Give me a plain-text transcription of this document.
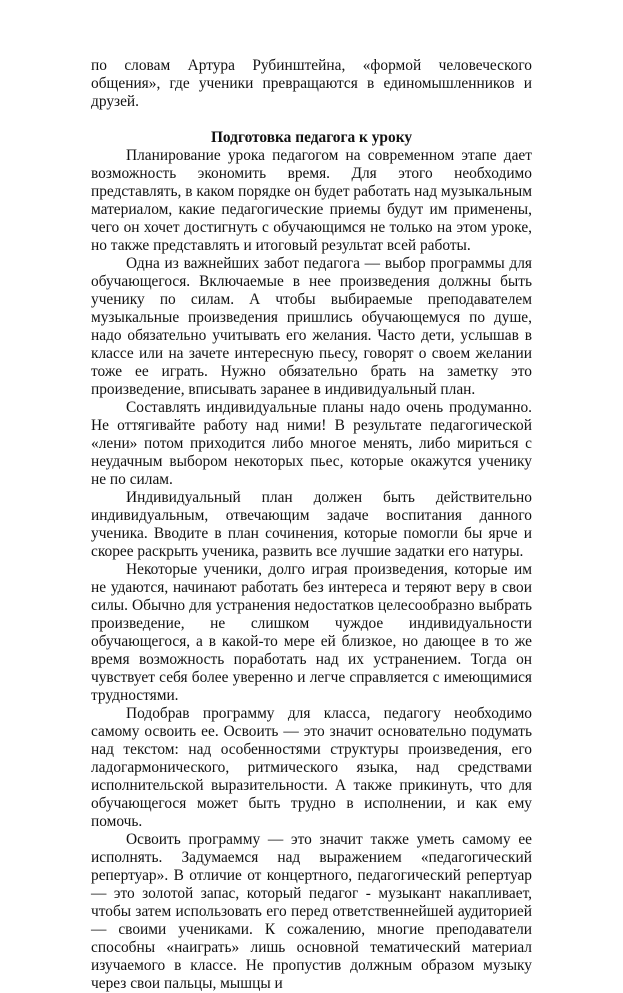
по словам Артура Рубинштейна, «формой человеческого общения», где ученики превращаются в единомышленников и друзей.

Подготовка педагога к уроку

Планирование урока педагогом на современном этапе дает возможность экономить время. Для этого необходимо представлять, в каком порядке он будет работать над музыкальным материалом, какие педагогические приемы будут им применены, чего он хочет достигнуть с обучающимся не только на этом уроке, но также представлять и итоговый результат всей работы.

Одна из важнейших забот педагога — выбор программы для обучающегося. Включаемые в нее произведения должны быть ученику по силам. А чтобы выбираемые преподавателем музыкальные произведения пришлись обучающемуся по душе, надо обязательно учитывать его желания. Часто дети, услышав в классе или на зачете интересную пьесу, говорят о своем желании тоже ее играть. Нужно обязательно брать на заметку это произведение, вписывать заранее в индивидуальный план.

Составлять индивидуальные планы надо очень продуманно. Не оттягивайте работу над ними! В результате педагогической «лени» потом приходится либо многое менять, либо мириться с неудачным выбором некоторых пьес, которые окажутся ученику не по силам.

Индивидуальный план должен быть действительно индивидуальным, отвечающим задаче воспитания данного ученика. Вводите в план сочинения, которые помогли бы ярче и скорее раскрыть ученика, развить все лучшие задатки его натуры.

Некоторые ученики, долго играя произведения, которые им не удаются, начинают работать без интереса и теряют веру в свои силы. Обычно для устранения недостатков целесообразно выбрать произведение, не слишком чуждое индивидуальности обучающегося, а в какой-то мере ей близкое, но дающее в то же время возможность поработать над их устранением. Тогда он чувствует себя более уверенно и легче справляется с имеющимися трудностями.

Подобрав программу для класса, педагогу необходимо самому освоить ее. Освоить — это значит основательно подумать над текстом: над особенностями структуры произведения, его ладогармонического, ритмического языка, над средствами исполнительской выразительности. А также прикинуть, что для обучающегося может быть трудно в исполнении, и как ему помочь.

Освоить программу — это значит также уметь самому ее исполнять. Задумаемся над выражением «педагогический репертуар». В отличие от концертного, педагогический репертуар — это золотой запас, который педагог - музыкант накапливает, чтобы затем использовать его перед ответственнейшей аудиторией — своими учениками. К сожалению, многие преподаватели способны «наиграть» лишь основной тематический материал изучаемого в классе. Не пропустив должным образом музыку через свои пальцы, мышцы и
